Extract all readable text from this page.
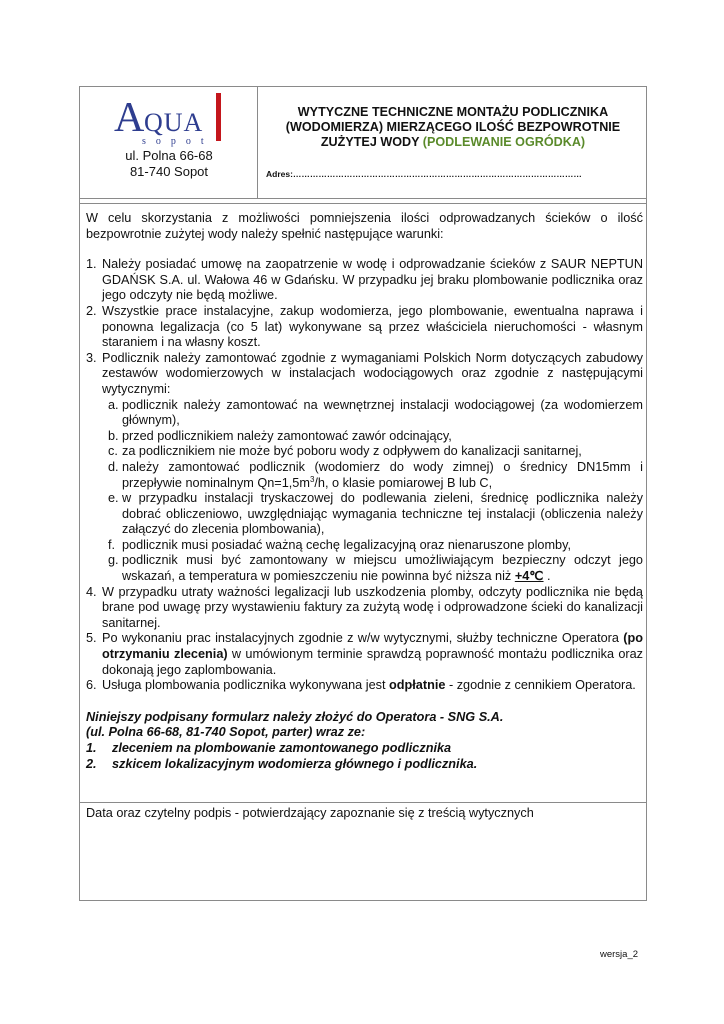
A QUA
sopot
ul. Polna 66-68
81-740 Sopot
WYTYCZNE TECHNICZNE MONTAŻU PODLICZNIKA
(WODOMIERZA) MIERZĄCEGO ILOŚĆ BEZPOWROTNIE
ZUŻYTEJ WODY (PODLEWANIE OGRÓDKA)
Adres:…………………………………………………………………………………………

W celu skorzystania z możliwości pomniejszenia ilości odprowadzanych ścieków o ilość bezpowrotnie zużytej wody należy spełnić następujące warunki:

1. Należy posiadać umowę na zaopatrzenie w wodę i odprowadzanie ścieków z SAUR NEPTUN GDAŃSK S.A. ul. Wałowa 46 w Gdańsku. W przypadku jej braku plombowanie podlicznika oraz jego odczyty nie będą możliwe.
2. Wszystkie prace instalacyjne, zakup wodomierza, jego plombowanie, ewentualna naprawa i ponowna legalizacja (co 5 lat) wykonywane są przez właściciela nieruchomości - własnym staraniem i na własny koszt.
3. Podlicznik należy zamontować zgodnie z wymaganiami Polskich Norm dotyczących zabudowy zestawów wodomierzowych w instalacjach wodociągowych oraz zgodnie z następującymi wytycznymi:
a. podlicznik należy zamontować na wewnętrznej instalacji wodociągowej (za wodomierzem głównym),
b. przed podlicznikiem należy zamontować zawór odcinający,
c. za podlicznikiem nie może być poboru wody z odpływem do kanalizacji sanitarnej,
d. należy zamontować podlicznik (wodomierz do wody zimnej) o średnicy DN15mm i przepływie nominalnym $Qn=1,5m^3/h$, o klasie pomiarowej B lub C,
e. w przypadku instalacji tryskaczowej do podlewania zieleni, średnicę podlicznika należy dobrać obliczeniowo, uwzględniając wymagania techniczne tej instalacji (obliczenia należy załączyć do zlecenia plombowania),
f. podlicznik musi posiadać ważną cechę legalizacyjną oraz nienaruszone plomby,
g. podlicznik musi być zamontowany w miejscu umożliwiającym bezpieczny odczyt jego wskazań, a temperatura w pomieszczeniu nie powinna być niższa niż +4℃ .
4. W przypadku utraty ważności legalizacji lub uszkodzenia plomby, odczyty podlicznika nie będą brane pod uwagę przy wystawieniu faktury za zużytą wodę i odprowadzone ścieki do kanalizacji sanitarnej.
5. Po wykonaniu prac instalacyjnych zgodnie z w/w wytycznymi, służby techniczne Operatora (po otrzymaniu zlecenia) w umówionym terminie sprawdzą poprawność montażu podlicznika oraz dokonają jego zaplombowania.
6. Usługa plombowania podlicznika wykonywana jest odpłatnie - zgodnie z cennikiem Operatora.

Niniejszy podpisany formularz należy złożyć do Operatora - SNG S.A.
(ul. Polna 66-68, 81-740 Sopot, parter) wraz ze:

1. zleceniem na plombowanie zamontowanego podlicznika
2. szkicem lokalizacyjnym wodomierza głównego i podlicznika.
Data oraz czytelny podpis - potwierdzający zapoznanie się z treścią wytycznych
wersja_2
